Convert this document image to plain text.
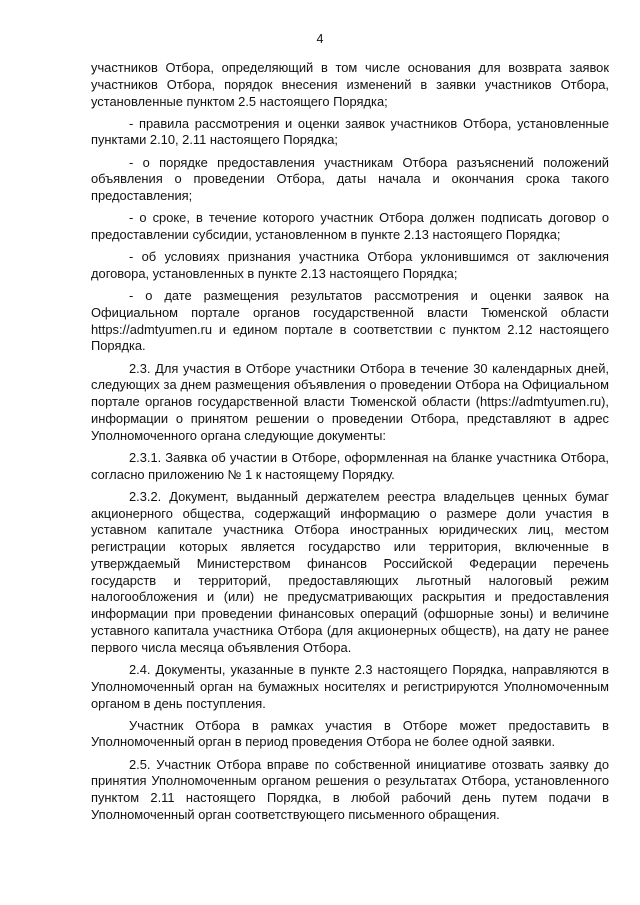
4

участников Отбора, определяющий в том числе основания для возврата заявок участников Отбора, порядок внесения изменений в заявки участников Отбора, установленные пунктом 2.5 настоящего Порядка;

- правила рассмотрения и оценки заявок участников Отбора, установленные пунктами 2.10, 2.11 настоящего Порядка;

- о порядке предоставления участникам Отбора разъяснений положений объявления о проведении Отбора, даты начала и окончания срока такого предоставления;

- о сроке, в течение которого участник Отбора должен подписать договор о предоставлении субсидии, установленном в пункте 2.13 настоящего Порядка;

- об условиях признания участника Отбора уклонившимся от заключения договора, установленных в пункте 2.13 настоящего Порядка;

- о дате размещения результатов рассмотрения и оценки заявок на Официальном портале органов государственной власти Тюменской области https://admtyumen.ru и едином портале в соответствии с пунктом 2.12 настоящего Порядка.

2.3. Для участия в Отборе участники Отбора в течение 30 календарных дней, следующих за днем размещения объявления о проведении Отбора на Официальном портале органов государственной власти Тюменской области (https://admtyumen.ru), информации о принятом решении о проведении Отбора, представляют в адрес Уполномоченного органа следующие документы:

2.3.1. Заявка об участии в Отборе, оформленная на бланке участника Отбора, согласно приложению № 1 к настоящему Порядку.

2.3.2. Документ, выданный держателем реестра владельцев ценных бумаг акционерного общества, содержащий информацию о размере доли участия в уставном капитале участника Отбора иностранных юридических лиц, местом регистрации которых является государство или территория, включенные в утверждаемый Министерством финансов Российской Федерации перечень государств и территорий, предоставляющих льготный налоговый режим налогообложения и (или) не предусматривающих раскрытия и предоставления информации при проведении финансовых операций (офшорные зоны) и величине уставного капитала участника Отбора (для акционерных обществ), на дату не ранее первого числа месяца объявления Отбора.

2.4. Документы, указанные в пункте 2.3 настоящего Порядка, направляются в Уполномоченный орган на бумажных носителях и регистрируются Уполномоченным органом в день поступления.

Участник Отбора в рамках участия в Отборе может предоставить в Уполномоченный орган в период проведения Отбора не более одной заявки.

2.5. Участник Отбора вправе по собственной инициативе отозвать заявку до принятия Уполномоченным органом решения о результатах Отбора, установленного пунктом 2.11 настоящего Порядка, в любой рабочий день путем подачи в Уполномоченный орган соответствующего письменного обращения.
